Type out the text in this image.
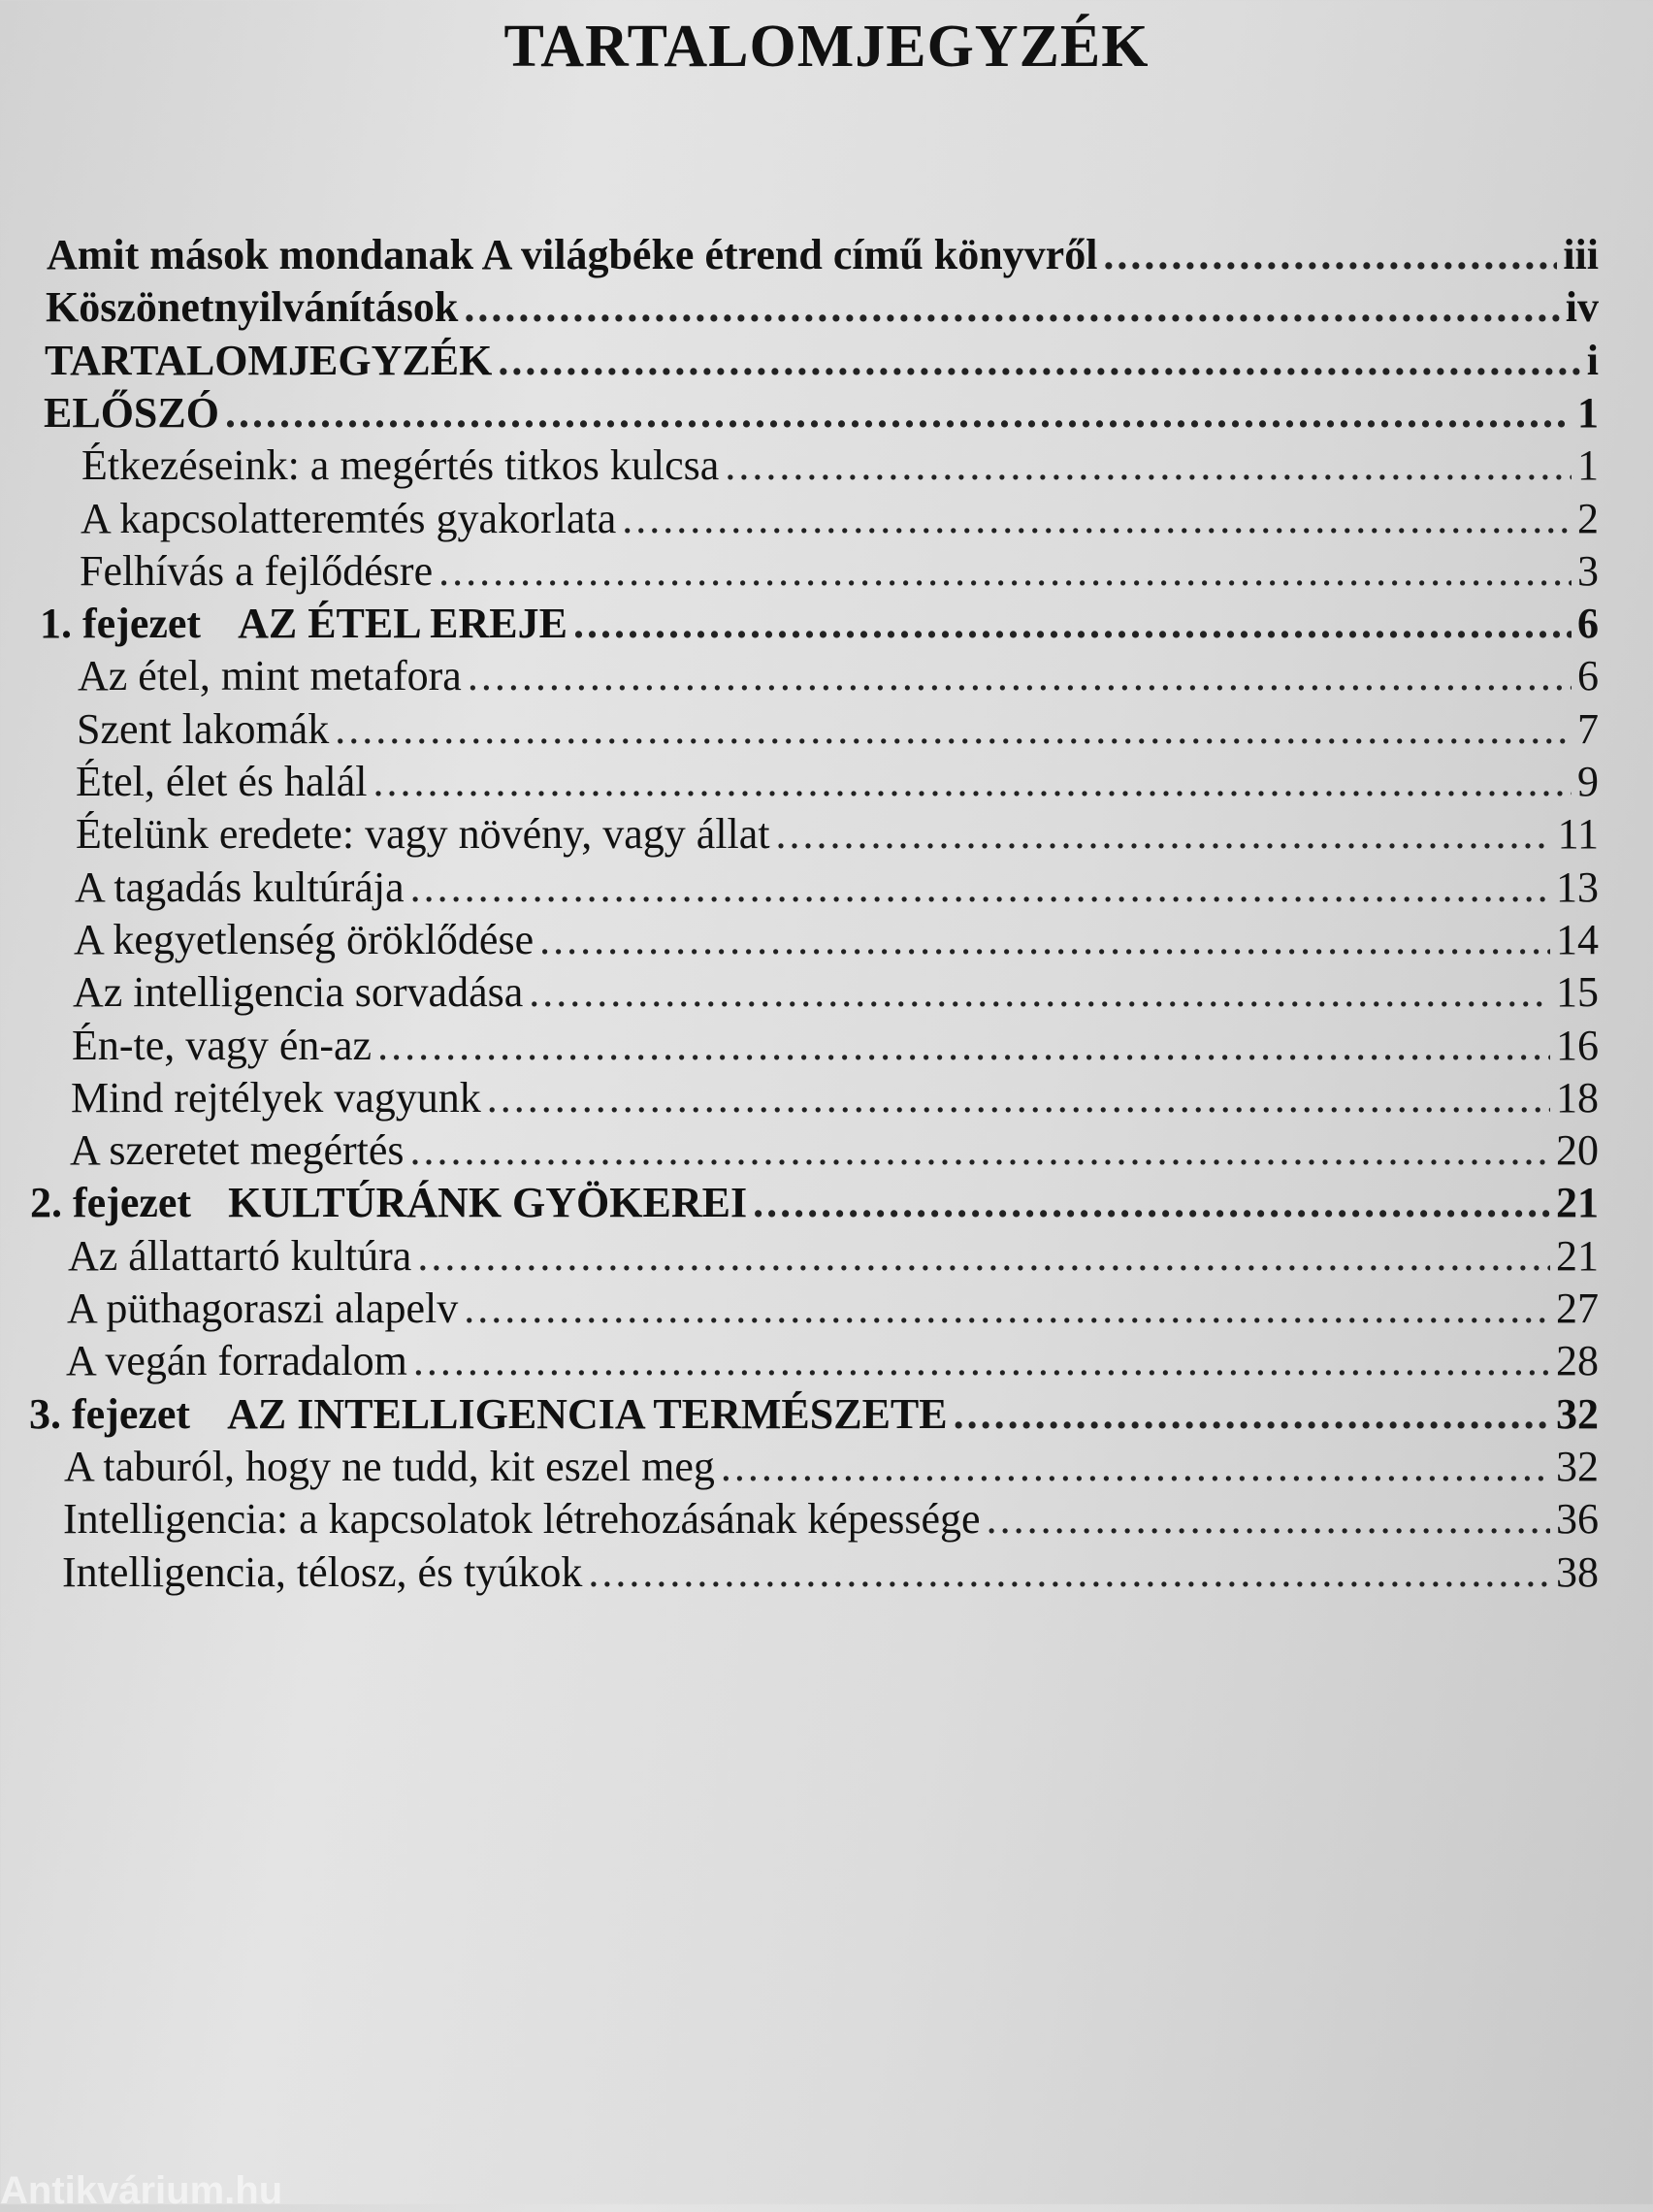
TARTALOMJEGYZÉK
Amit mások mondanak A világbéke étrend című könyvről .....	iii
Köszönetnyilvánítások .....	iv
TARTALOMJEGYZÉK .....	i
ELŐSZÓ .....	1
Étkezéseink: a megértés titkos kulcsa .....	1
A kapcsolatteremtés gyakorlata .....	2
Felhívás a fejlődésre .....	3
1. fejezet AZ ÉTEL EREJE .....	6
Az étel, mint metafora .....	6
Szent lakomák .....	7
Étel, élet és halál .....	9
Ételünk eredete: vagy növény, vagy állat .....	11
A tagadás kultúrája .....	13
A kegyetlenség öröklődése .....	14
Az intelligencia sorvadása .....	15
Én-te, vagy én-az .....	16
Mind rejtélyek vagyunk .....	18
A szeretet megértés .....	20
2. fejezet KULTÚRÁNK GYÖKEREI .....	21
Az állattartó kultúra .....	21
A püthagoraszi alapelv .....	27
A vegán forradalom .....	28
3. fejezet AZ INTELLIGENCIA TERMÉSZETE .....	32
A taburól, hogy ne tudd, kit eszel meg .....	32
Intelligencia: a kapcsolatok létrehozásának képessége .....	36
Intelligencia, télosz, és tyúkok .....	38
Antikvárium.hu
